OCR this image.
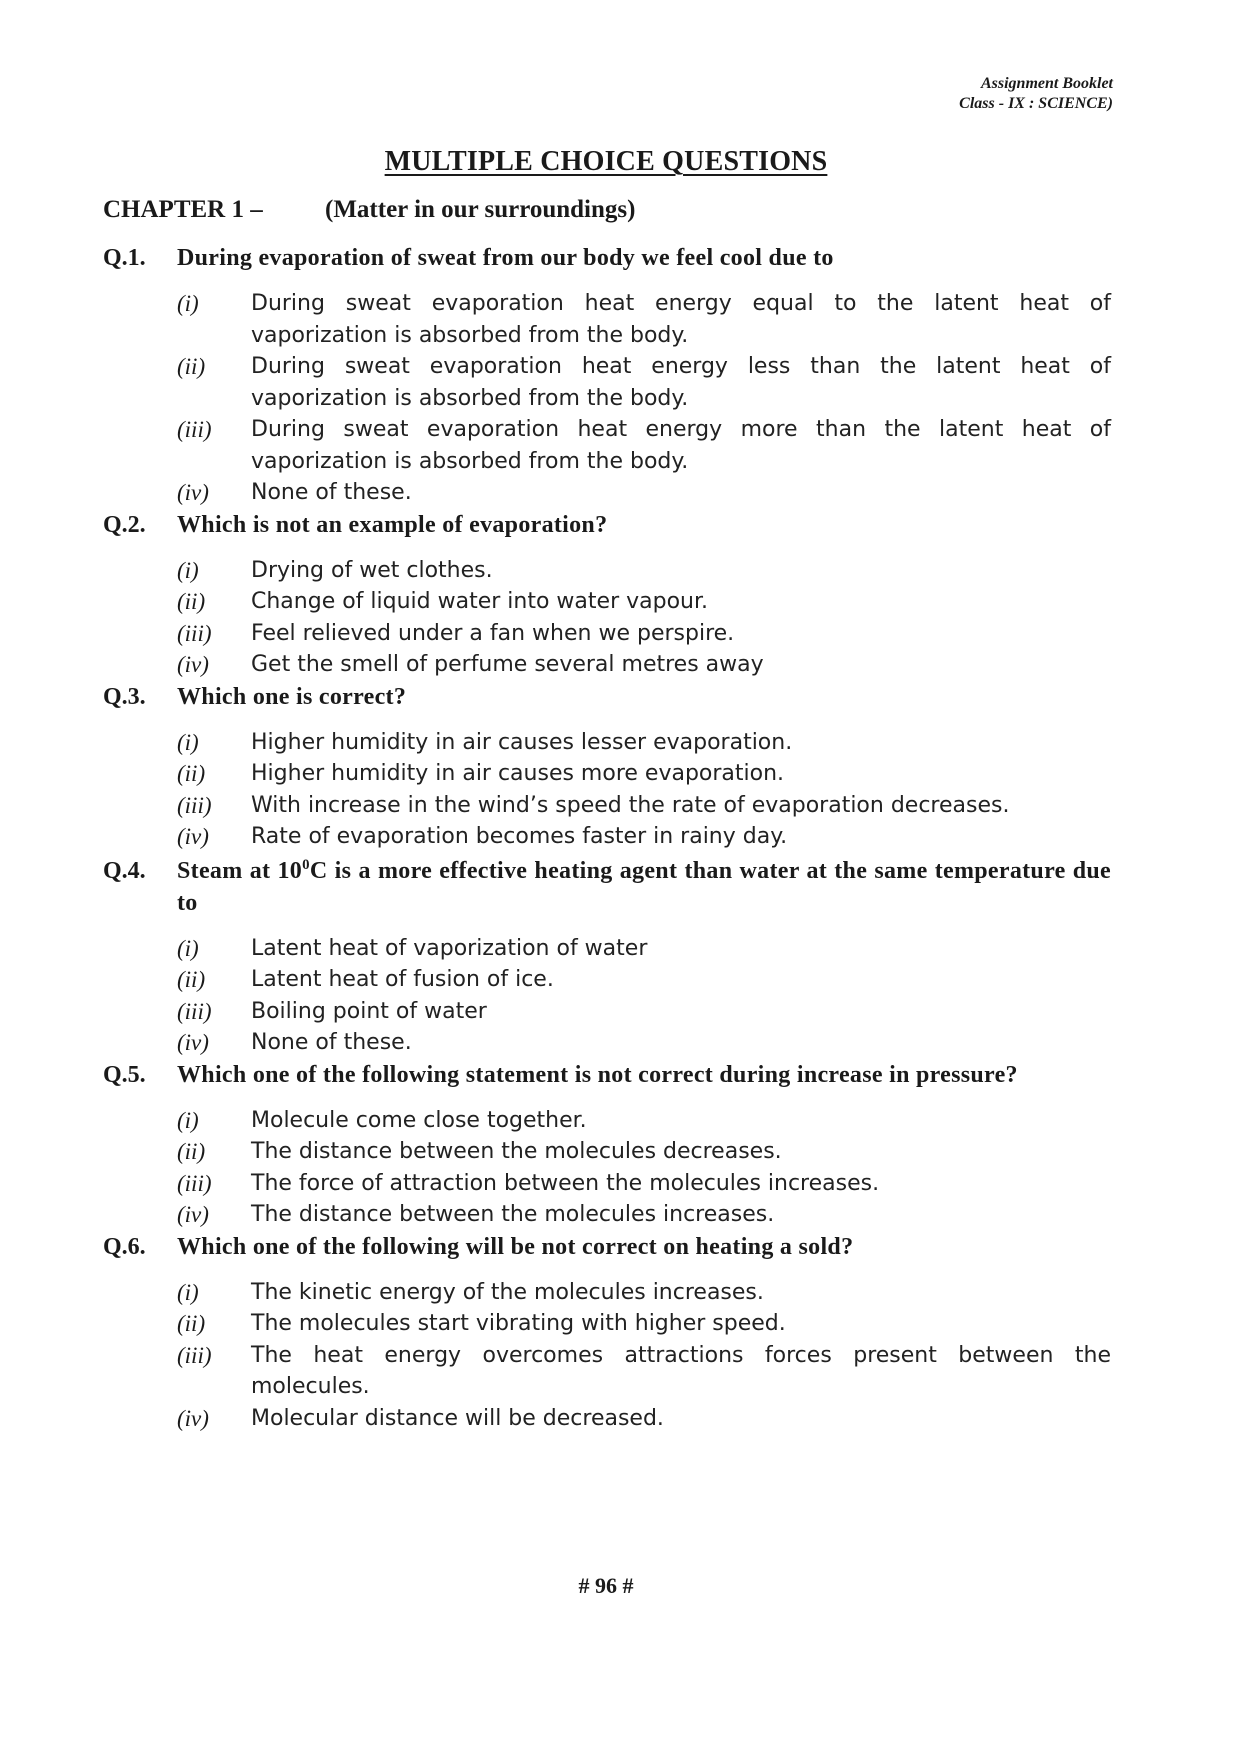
Assignment Booklet
Class - IX : SCIENCE)
MULTIPLE CHOICE QUESTIONS
CHAPTER 1 – (Matter in our surroundings)
Q.1.	During evaporation of sweat from our body we feel cool due to
(i)	During sweat evaporation heat energy equal to the latent heat of vaporization is absorbed from the body.
(ii)	During sweat evaporation heat energy less than the latent heat of vaporization is absorbed from the body.
(iii)	During sweat evaporation heat energy more than the latent heat of vaporization is absorbed from the body.
(iv)	None of these.
Q.2.	Which is not an example of evaporation?
(i)	Drying of wet clothes.
(ii)	Change of liquid water into water vapour.
(iii)	Feel relieved under a fan when we perspire.
(iv)	Get the smell of perfume several metres away
Q.3.	Which one is correct?
(i)	Higher humidity in air causes lesser evaporation.
(ii)	Higher humidity in air causes more evaporation.
(iii)	With increase in the wind’s speed the rate of evaporation decreases.
(iv)	Rate of evaporation becomes faster in rainy day.
Q.4.	Steam at $10^0C$ is a more effective heating agent than water at the same temperature due to
(i)	Latent heat of vaporization of water
(ii)	Latent heat of fusion of ice.
(iii)	Boiling point of water
(iv)	None of these.
Q.5.	Which one of the following statement is not correct during increase in pressure?
(i)	Molecule come close together.
(ii)	The distance between the molecules decreases.
(iii)	The force of attraction between the molecules increases.
(iv)	The distance between the molecules increases.
Q.6.	Which one of the following will be not correct on heating a sold?
(i)	The kinetic energy of the molecules increases.
(ii)	The molecules start vibrating with higher speed.
(iii)	The heat energy overcomes attractions forces present between the molecules.
(iv)	Molecular distance will be decreased.
# 96 #
